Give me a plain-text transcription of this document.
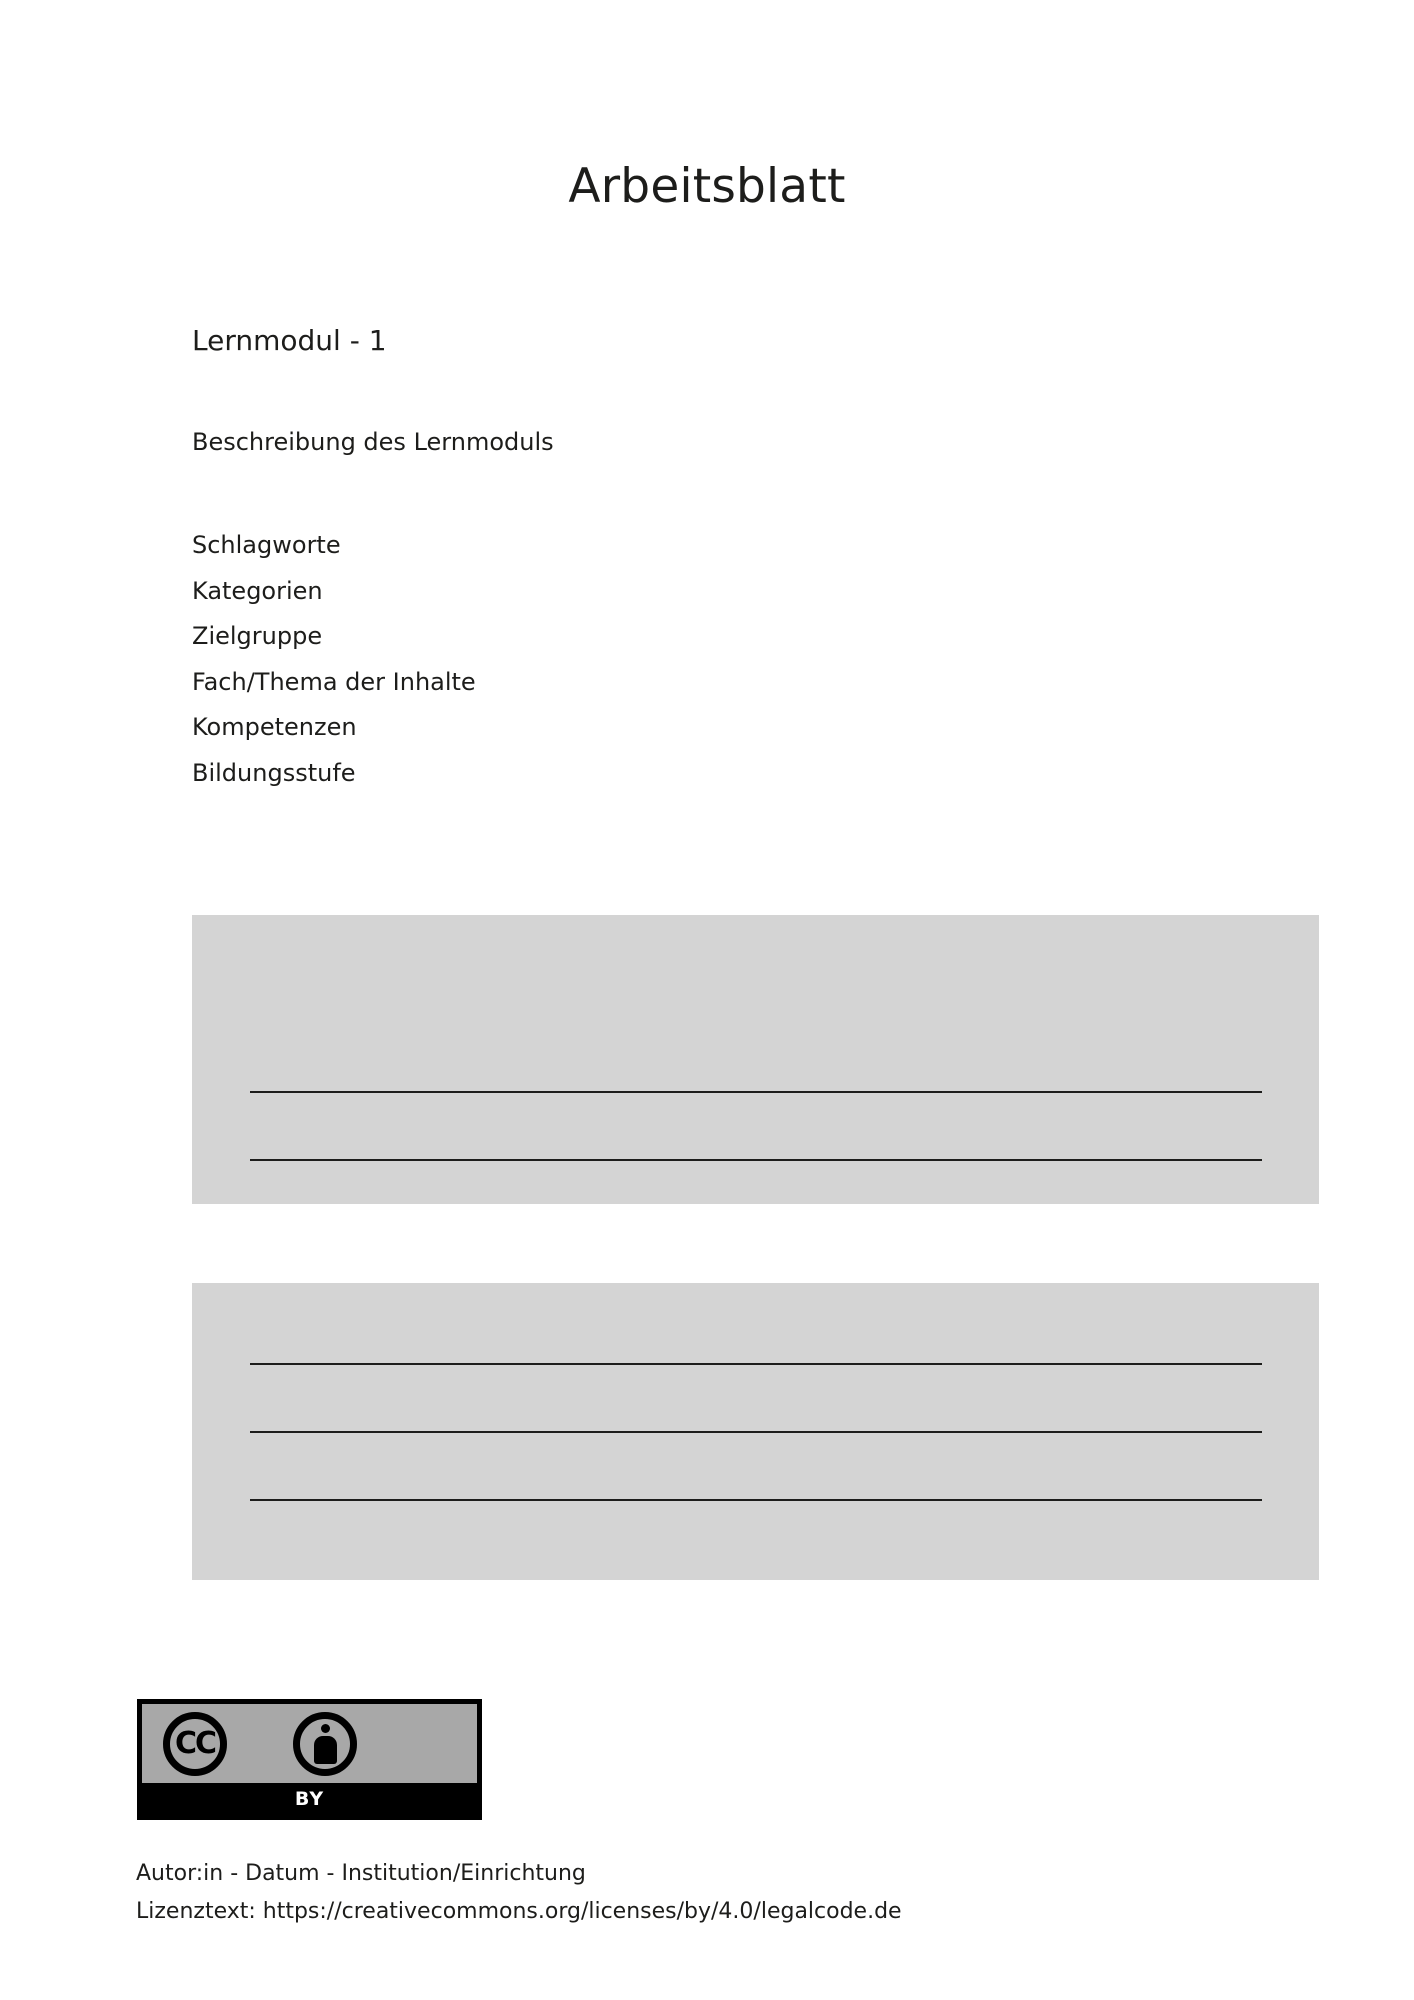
Arbeitsblatt
Lernmodul - 1
Beschreibung des Lernmoduls
Schlagworte
Kategorien
Zielgruppe
Fach/Thema der Inhalte
Kompetenzen
Bildungsstufe
CC
BY
Autor:in - Datum - Institution/Einrichtung
Lizenztext: https://creativecommons.org/licenses/by/4.0/legalcode.de
